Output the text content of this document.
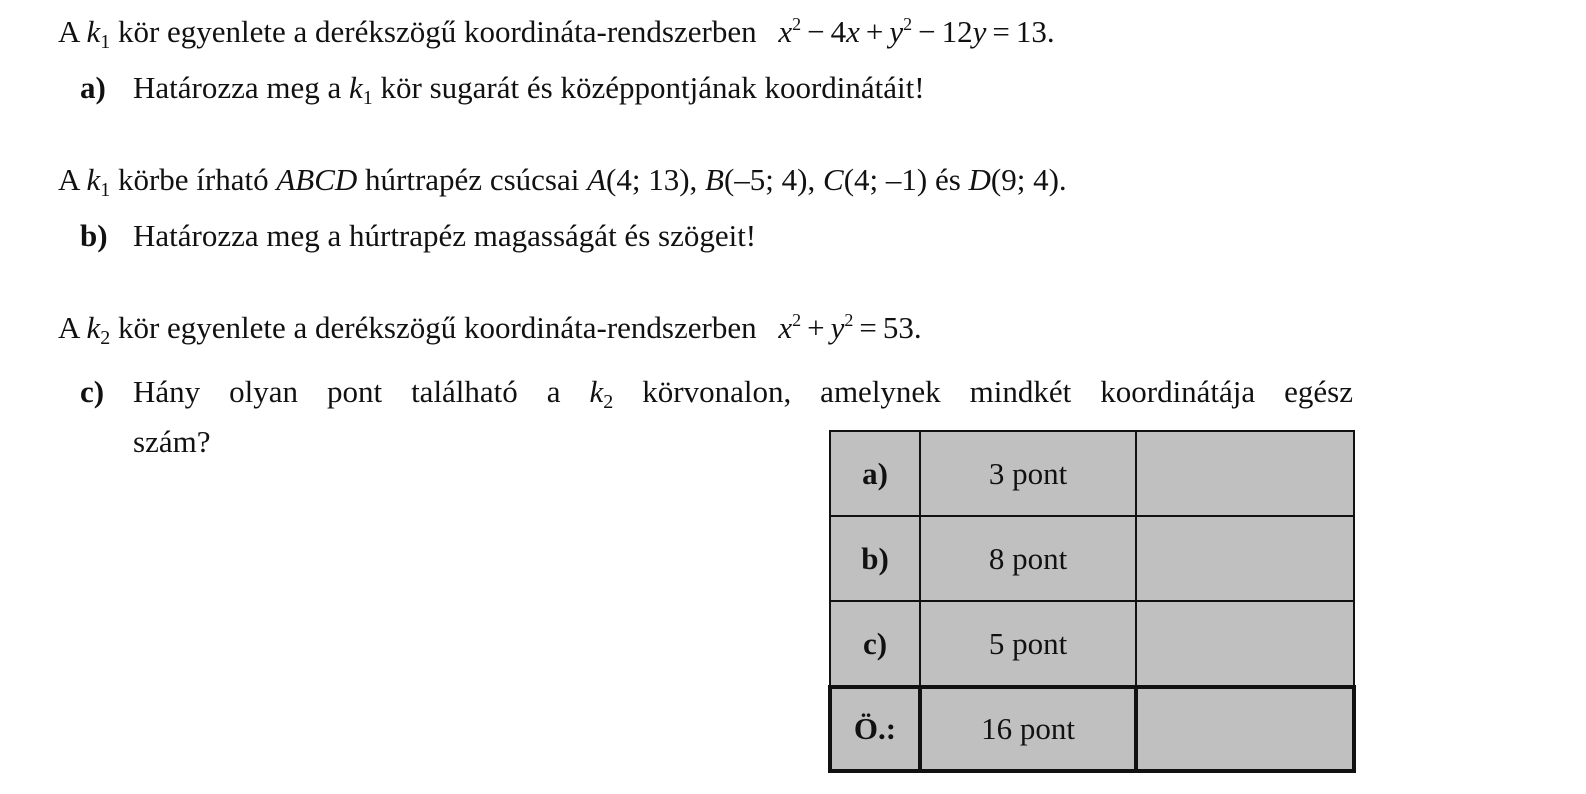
A $k_1$ kör egyenlete a derékszögű koordináta-rendszerben $x^2 - 4x + y^2 - 12y = 13$.
a) Határozza meg a $k_1$ kör sugarát és középpontjának koordinátáit!
A $k_1$ körbe írható ABCD húrtrapéz csúcsai A(4; 13), B(–5; 4), C(4; –1) és D(9; 4).
b) Határozza meg a húrtrapéz magasságát és szögeit!
A $k_2$ kör egyenlete a derékszögű koordináta-rendszerben $x^2 + y^2 = 53$.
c) Hány olyan pont található a $k_2$ körvonalon, amelynek mindkét koordinátája egész
szám?
a)	3 pont	
b)	8 pont	
c)	5 pont	
Ö.:	16 pont	
